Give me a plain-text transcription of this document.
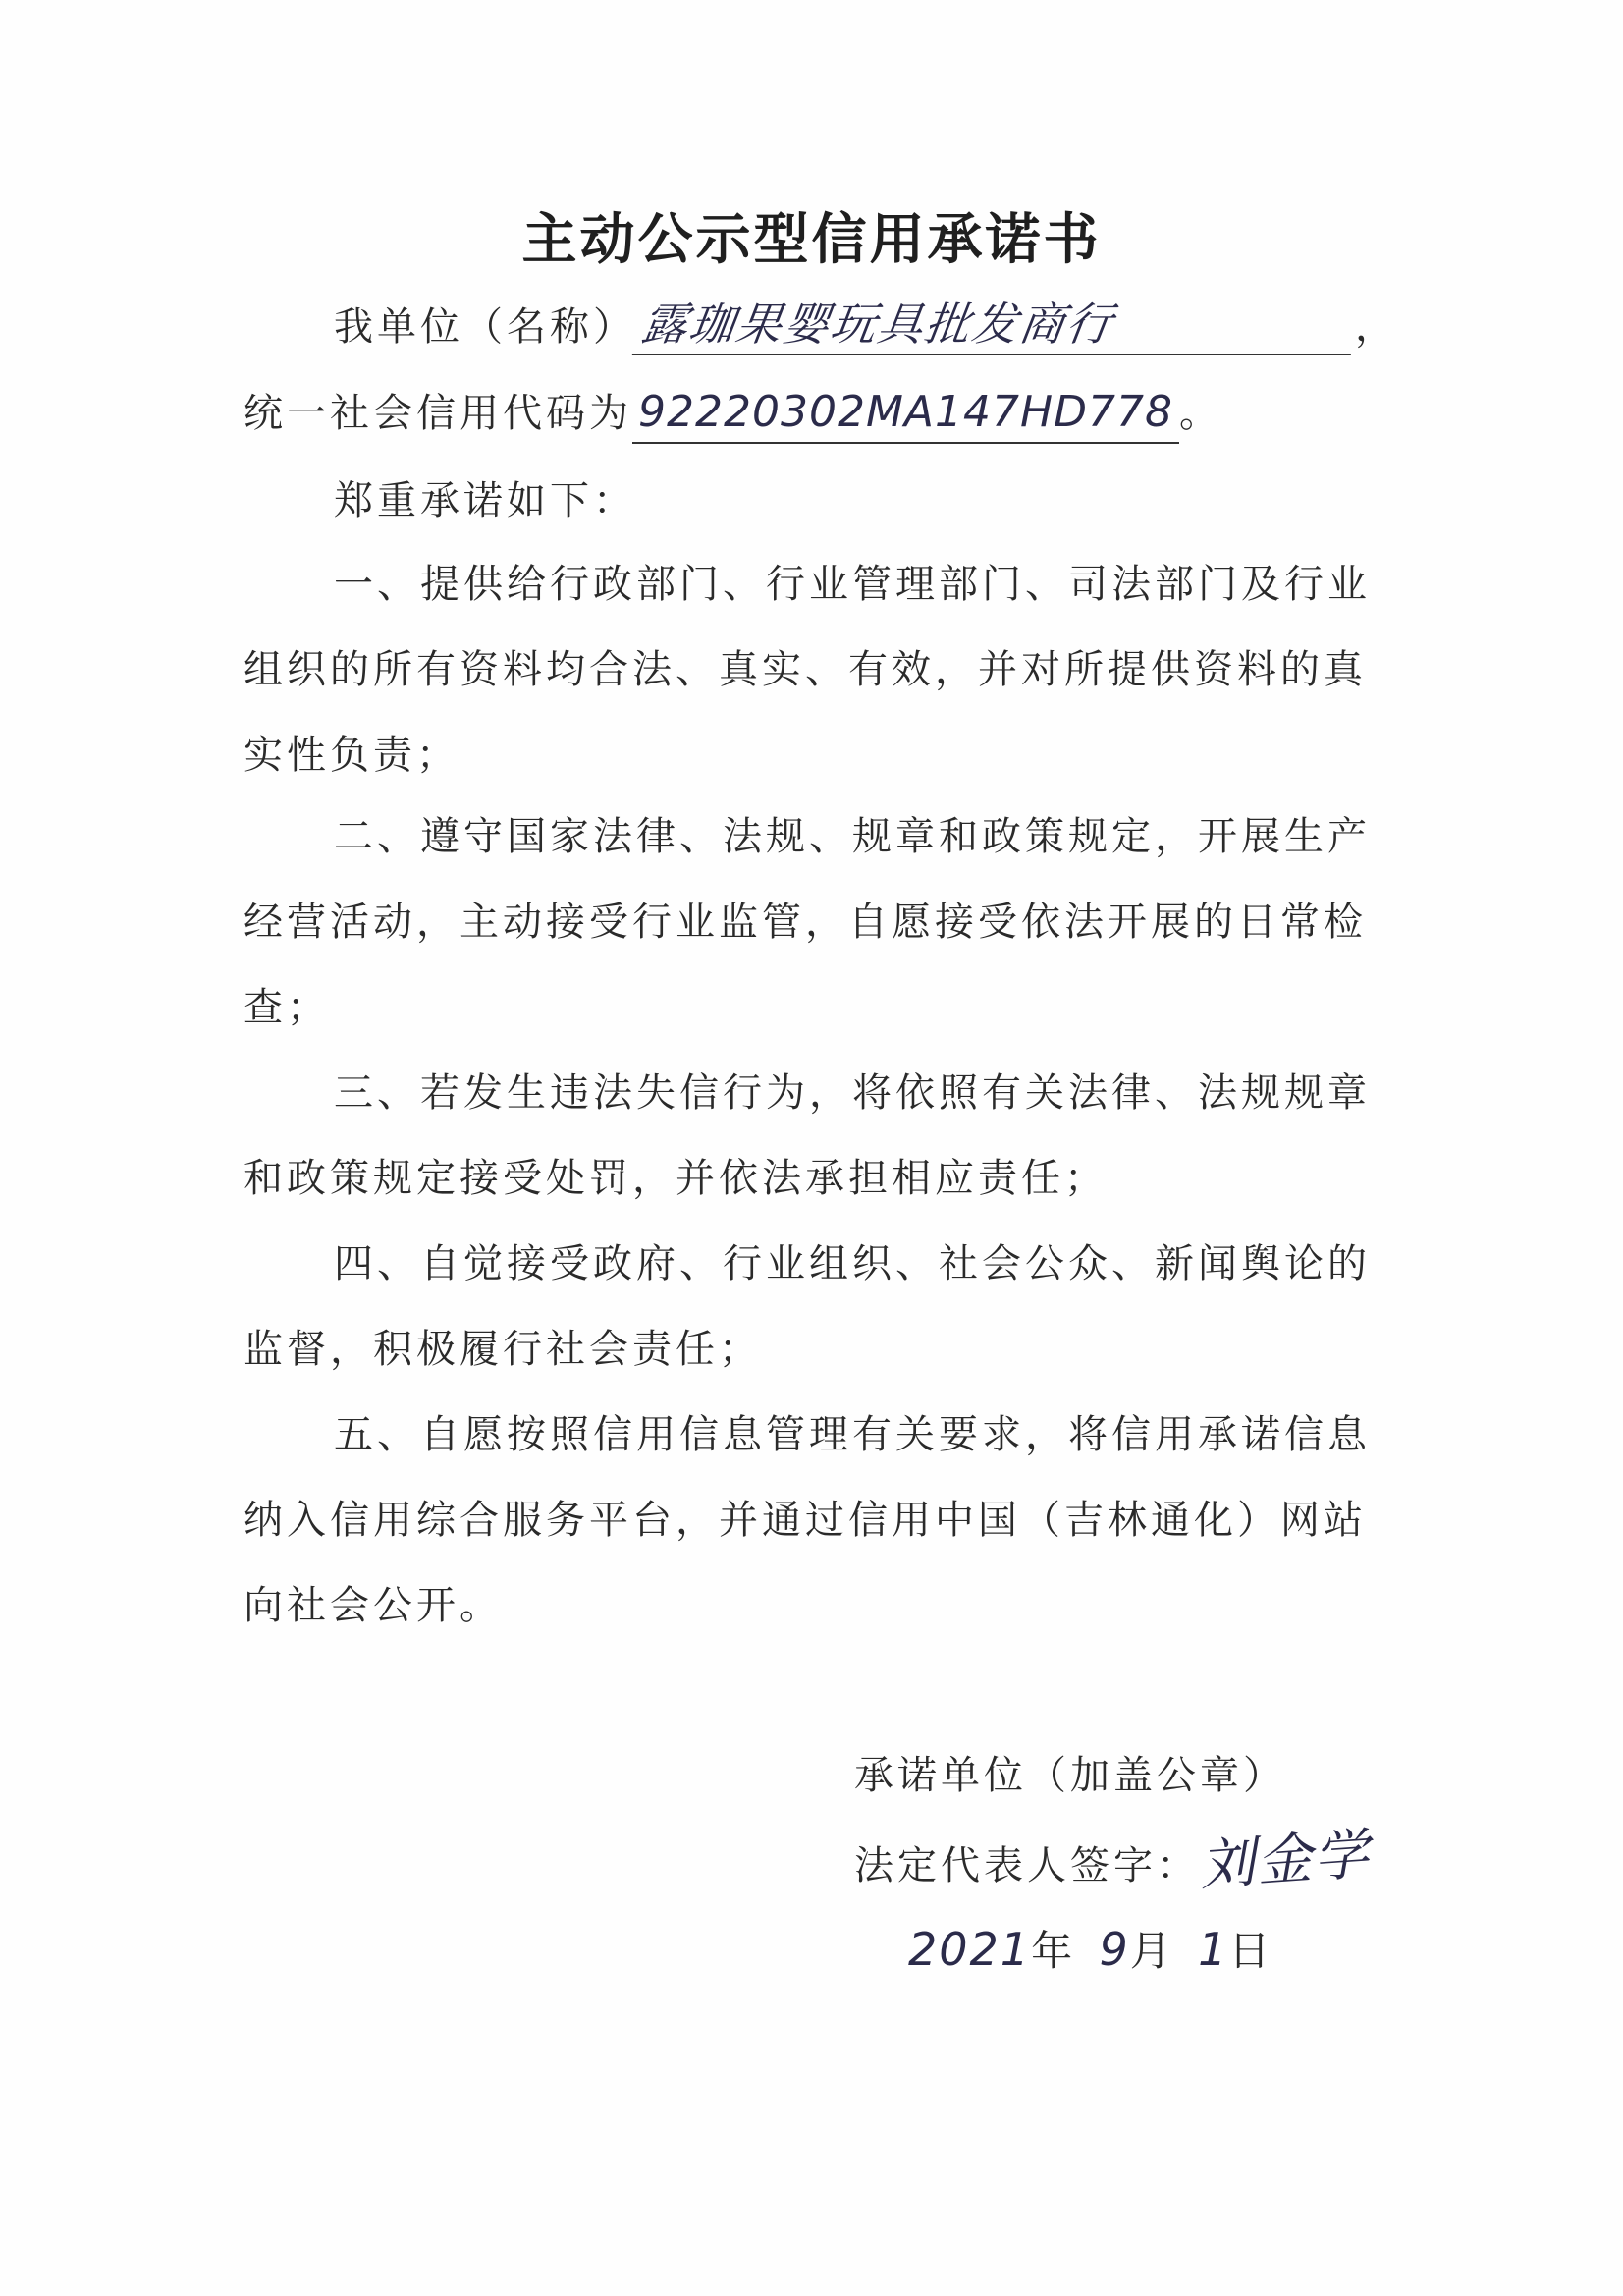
主动公示型信用承诺书
我单位（名称）露珈果婴玩具批发商行	，
统一社会信用代码为 92220302MA147HD778 。
郑重承诺如下：
一、提供给行政部门、行业管理部门、司法部门及行业
组织的所有资料均合法、真实、有效，并对所提供资料的真
实性负责；
二、遵守国家法律、法规、规章和政策规定，开展生产
经营活动，主动接受行业监管，自愿接受依法开展的日常检
查；
三、若发生违法失信行为，将依照有关法律、法规规章
和政策规定接受处罚，并依法承担相应责任；
四、自觉接受政府、行业组织、社会公众、新闻舆论的
监督，积极履行社会责任；
五、自愿按照信用信息管理有关要求，将信用承诺信息
纳入信用综合服务平台，并通过信用中国（吉林通化）网站
向社会公开。
承诺单位（加盖公章）
法定代表人签字：刘金学
2021年 9月 1日
